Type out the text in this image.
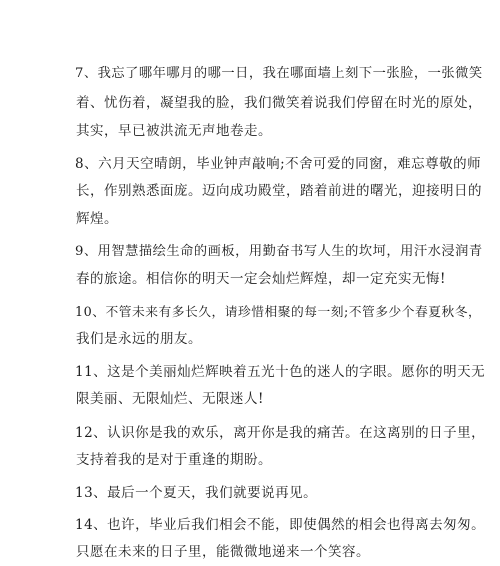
7、我忘了哪年哪月的哪一日，我在哪面墙上刻下一张脸，一张微笑
着、忧伤着，凝望我的脸，我们微笑着说我们停留在时光的原处，
其实，早已被洪流无声地卷走。
8、六月天空晴朗，毕业钟声敲响;不舍可爱的同窗，难忘尊敬的师
长，作别熟悉面庞。迈向成功殿堂，踏着前进的曙光，迎接明日的
辉煌。
9、用智慧描绘生命的画板，用勤奋书写人生的坎坷，用汗水浸润青
春的旅途。相信你的明天一定会灿烂辉煌，却一定充实无悔!
10、不管未来有多长久，请珍惜相聚的每一刻;不管多少个春夏秋冬，
我们是永远的朋友。
11、这是个美丽灿烂辉映着五光十色的迷人的字眼。愿你的明天无
限美丽、无限灿烂、无限迷人!
12、认识你是我的欢乐，离开你是我的痛苦。在这离别的日子里，
支持着我的是对于重逢的期盼。
13、最后一个夏天，我们就要说再见。
14、也许，毕业后我们相会不能，即使偶然的相会也得离去匆匆。
只愿在未来的日子里，能微微地递来一个笑容。
